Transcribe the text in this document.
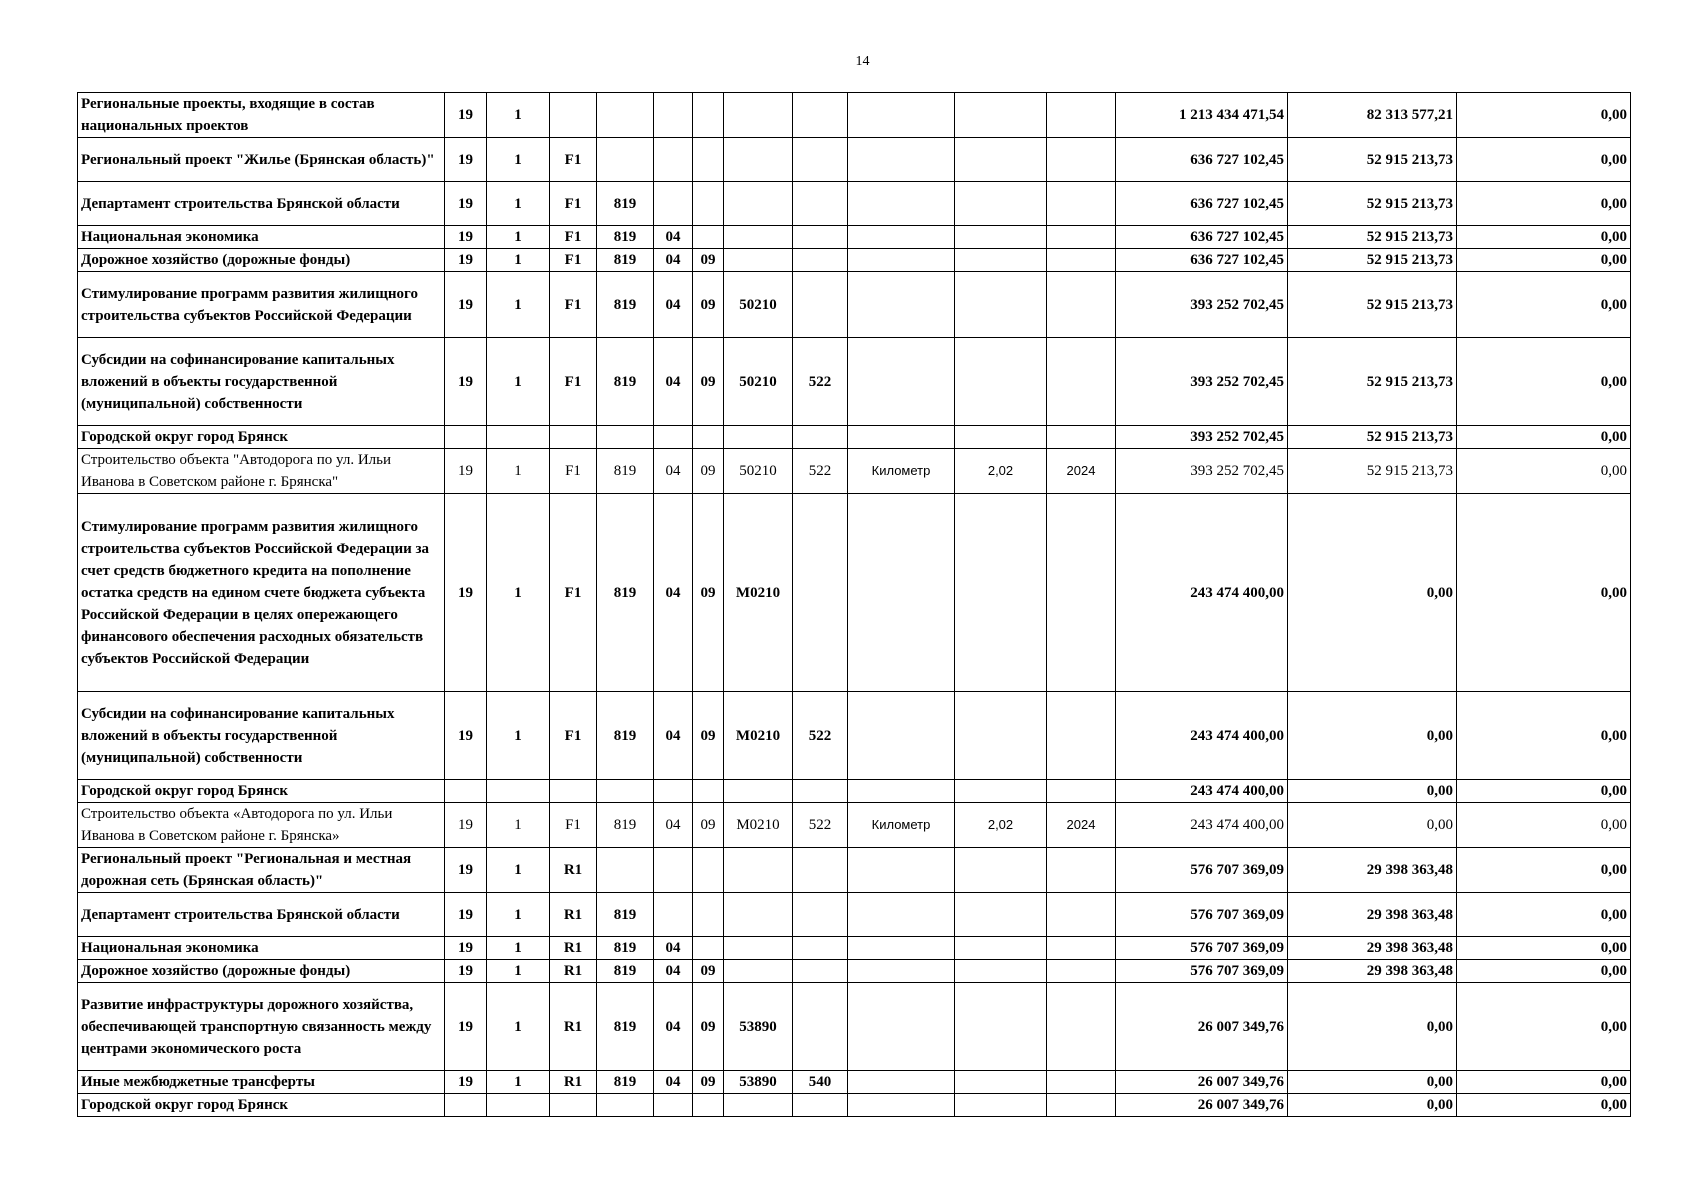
14
Региональные проекты, входящие в состав национальных проектов	19	1										1 213 434 471,54	82 313 577,21	0,00
Региональный проект "Жилье (Брянская область)"	19	1	F1									636 727 102,45	52 915 213,73	0,00
Департамент строительства Брянской области	19	1	F1	819								636 727 102,45	52 915 213,73	0,00
Национальная экономика	19	1	F1	819	04							636 727 102,45	52 915 213,73	0,00
Дорожное хозяйство (дорожные фонды)	19	1	F1	819	04	09						636 727 102,45	52 915 213,73	0,00
Стимулирование программ развития жилищного строительства субъектов Российской Федерации	19	1	F1	819	04	09	50210					393 252 702,45	52 915 213,73	0,00
Субсидии на софинансирование капитальных вложений в объекты государственной (муниципальной) собственности	19	1	F1	819	04	09	50210	522				393 252 702,45	52 915 213,73	0,00
Городской округ город Брянск												393 252 702,45	52 915 213,73	0,00
Строительство объекта "Автодорога по ул. Ильи Иванова в Советском районе г. Брянска"	19	1	F1	819	04	09	50210	522	Километр	2,02	2024	393 252 702,45	52 915 213,73	0,00
Стимулирование программ развития жилищного строительства субъектов Российской Федерации за счет средств бюджетного кредита на пополнение остатка средств на едином счете бюджета субъекта Российской Федерации в целях опережающего финансового обеспечения расходных обязательств субъектов Российской Федерации	19	1	F1	819	04	09	M0210					243 474 400,00	0,00	0,00
Субсидии на софинансирование капитальных вложений в объекты государственной (муниципальной) собственности	19	1	F1	819	04	09	M0210	522				243 474 400,00	0,00	0,00
Городской округ город Брянск												243 474 400,00	0,00	0,00
Строительство объекта «Автодорога по ул. Ильи Иванова в Советском районе г. Брянска»	19	1	F1	819	04	09	M0210	522	Километр	2,02	2024	243 474 400,00	0,00	0,00
Региональный проект "Региональная и местная дорожная сеть (Брянская область)"	19	1	R1									576 707 369,09	29 398 363,48	0,00
Департамент строительства Брянской области	19	1	R1	819								576 707 369,09	29 398 363,48	0,00
Национальная экономика	19	1	R1	819	04							576 707 369,09	29 398 363,48	0,00
Дорожное хозяйство (дорожные фонды)	19	1	R1	819	04	09						576 707 369,09	29 398 363,48	0,00
Развитие инфраструктуры дорожного хозяйства, обеспечивающей транспортную связанность между центрами экономического роста	19	1	R1	819	04	09	53890					26 007 349,76	0,00	0,00
Иные межбюджетные трансферты	19	1	R1	819	04	09	53890	540				26 007 349,76	0,00	0,00
Городской округ город Брянск												26 007 349,76	0,00	0,00
